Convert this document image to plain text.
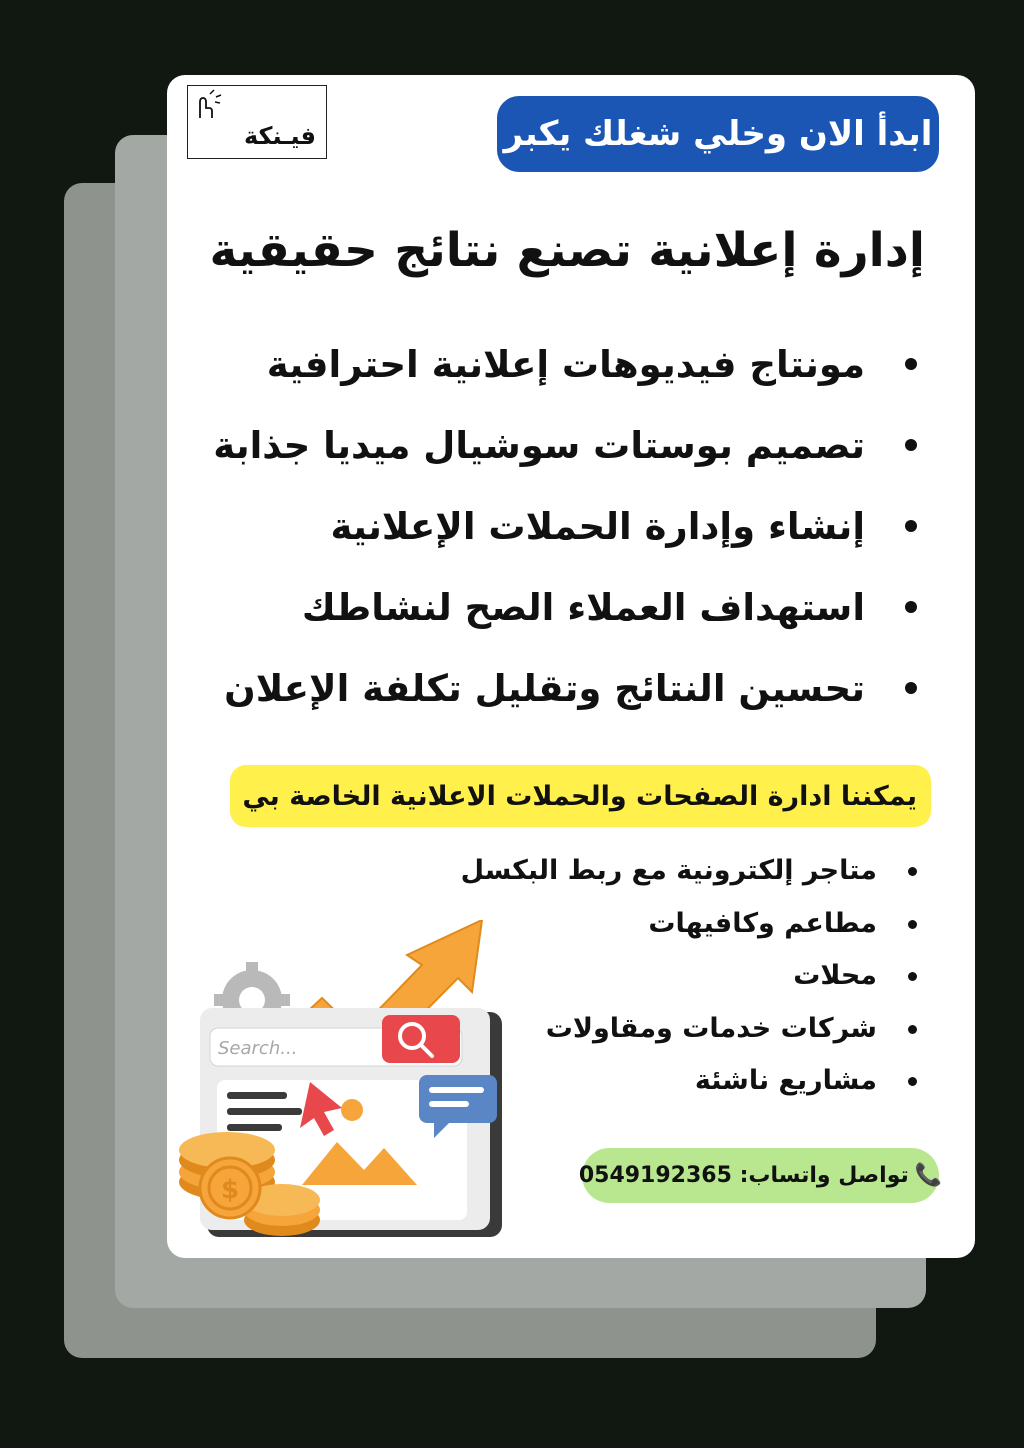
فيـنكة	ابدأ الان وخلي شغلك يكبر
إدارة إعلانية تصنع نتائج حقيقية
مونتاج فيديوهات إعلانية احترافية
تصميم بوستات سوشيال ميديا جذابة
إنشاء وإدارة الحملات الإعلانية
استهداف العملاء الصح لنشاطك
تحسين النتائج وتقليل تكلفة الإعلان
يمكننا ادارة الصفحات والحملات الاعلانية الخاصة بي
متاجر إلكترونية مع ربط البكسل
مطاعم وكافيهات
محلات
شركات خدمات ومقاولات
مشاريع ناشئة
Search...
$	📞
تواصل واتساب: 0549192365
